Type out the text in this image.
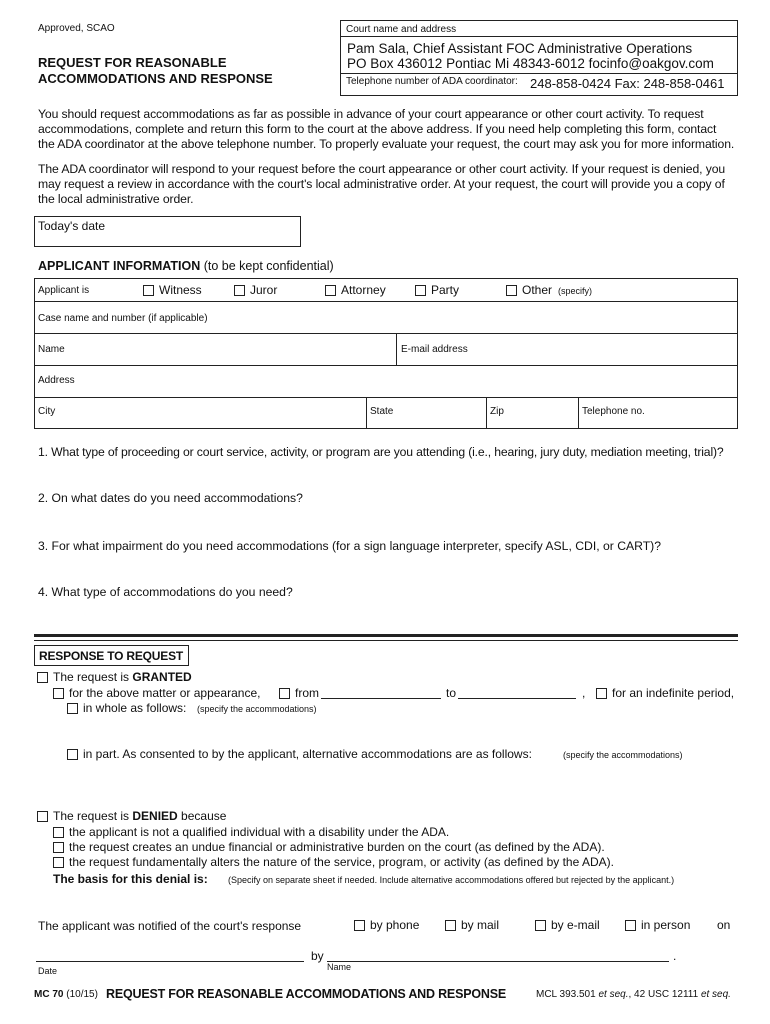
Approved, SCAO
REQUEST FOR REASONABLE
ACCOMMODATIONS AND RESPONSE
Court name and address
Pam Sala, Chief Assistant FOC Administrative Operations
PO Box 436012 Pontiac Mi 48343-6012 focinfo@oakgov.com
Telephone number of ADA coordinator: 248-858-0424 Fax: 248-858-0461
You should request accommodations as far as possible in advance of your court appearance or other court activity. To request
accommodations, complete and return this form to the court at the above address. If you need help completing this form, contact
the ADA coordinator at the above telephone number. To properly evaluate your request, the court may ask you for more information.
The ADA coordinator will respond to your request before the court appearance or other court activity. If your request is denied, you
may request a review in accordance with the court's local administrative order. At your request, the court will provide you a copy of
the local administrative order.
Today's date
APPLICANT INFORMATION (to be kept confidential)
Applicant is	Witness	Juror	Attorney	Party	Other (specify)
Case name and number (if applicable)
Name	E-mail address
Address
City	State	Zip	Telephone no.
1. What type of proceeding or court service, activity, or program are you attending (i.e., hearing, jury duty, mediation meeting, trial)?
2. On what dates do you need accommodations?
3. For what impairment do you need accommodations (for a sign language interpreter, specify ASL, CDI, or CART)?
4. What type of accommodations do you need?
RESPONSE TO REQUEST
The request is GRANTED
for the above matter or appearance,	from	to	, for an indefinite period,
in whole as follows: (specify the accommodations)
in part. As consented to by the applicant, alternative accommodations are as follows:	(specify the accommodations)
The request is DENIED because
the applicant is not a qualified individual with a disability under the ADA.
the request creates an undue financial or administrative burden on the court (as defined by the ADA).
the request fundamentally alters the nature of the service, program, or activity (as defined by the ADA).
The basis for this denial is: (Specify on separate sheet if needed. Include alternative accommodations offered but rejected by the applicant.)
The applicant was notified of the court's response	by phone	by mail	by e-mail	in person on
by	.
Date	Name
MC 70 (10/15) REQUEST FOR REASONABLE ACCOMMODATIONS AND RESPONSE	MCL 393.501 et seq., 42 USC 12111 et seq.
